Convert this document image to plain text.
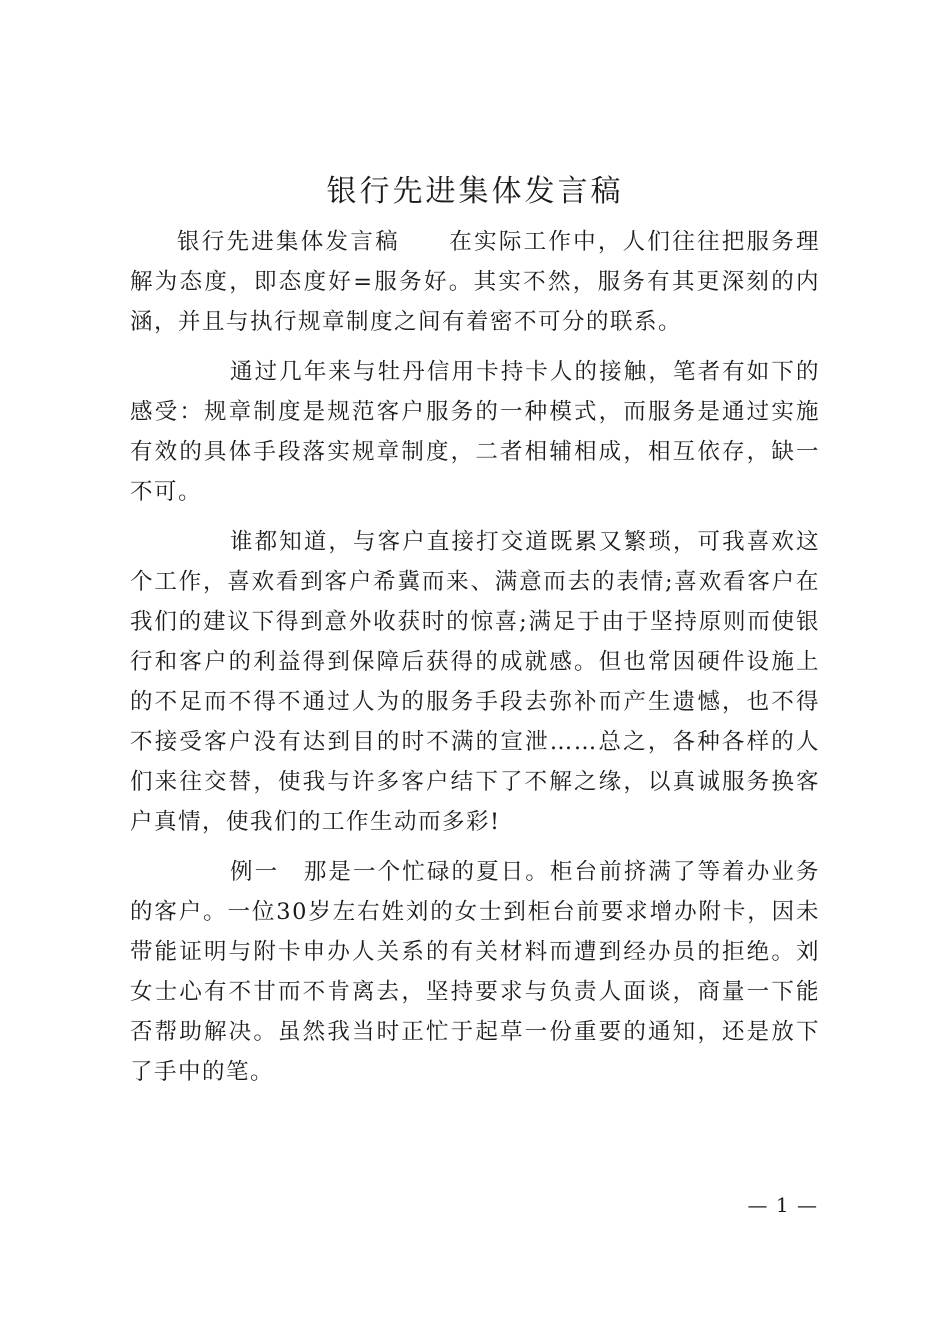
银行先进集体发言稿

银行先进集体发言稿　　在实际工作中，人们往往把服务理解为态度，即态度好=服务好。其实不然，服务有其更深刻的内涵，并且与执行规章制度之间有着密不可分的联系。

通过几年来与牡丹信用卡持卡人的接触，笔者有如下的感受：规章制度是规范客户服务的一种模式，而服务是通过实施有效的具体手段落实规章制度，二者相辅相成，相互依存，缺一不可。

谁都知道，与客户直接打交道既累又繁琐，可我喜欢这个工作，喜欢看到客户希冀而来、满意而去的表情;喜欢看客户在我们的建议下得到意外收获时的惊喜;满足于由于坚持原则而使银行和客户的利益得到保障后获得的成就感。但也常因硬件设施上的不足而不得不通过人为的服务手段去弥补而产生遗憾，也不得不接受客户没有达到目的时不满的宣泄……总之，各种各样的人们来往交替，使我与许多客户结下了不解之缘，以真诚服务换客户真情，使我们的工作生动而多彩!

例一　那是一个忙碌的夏日。柜台前挤满了等着办业务的客户。一位30岁左右姓刘的女士到柜台前要求增办附卡，因未带能证明与附卡申办人关系的有关材料而遭到经办员的拒绝。刘女士心有不甘而不肯离去，坚持要求与负责人面谈，商量一下能否帮助解决。虽然我当时正忙于起草一份重要的通知，还是放下了手中的笔。

— 1 —
